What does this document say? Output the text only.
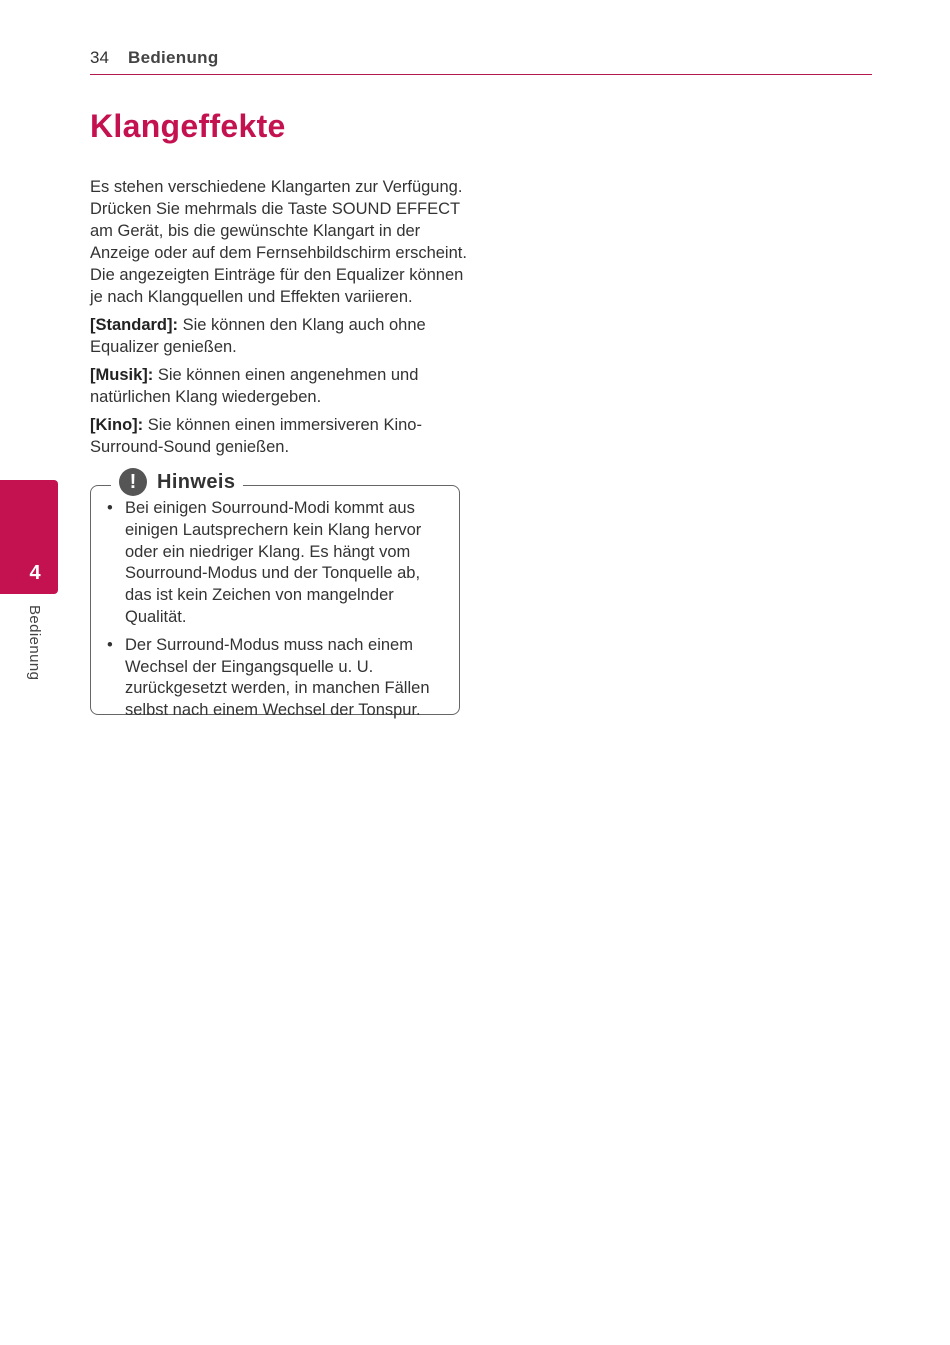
34 Bedienung
Klangeffekte

Es stehen verschiedene Klangarten zur Verfügung. Drücken Sie mehrmals die Taste SOUND EFFECT am Gerät, bis die gewünschte Klangart in der Anzeige oder auf dem Fernsehbildschirm erscheint. Die angezeigten Einträge für den Equalizer können je nach Klangquellen und Effekten variieren.

[Standard]: Sie können den Klang auch ohne Equalizer genießen.

[Musik]: Sie können einen angenehmen und natürlichen Klang wiedergeben.

[Kino]: Sie können einen immersiveren Kino-Surround-Sound genießen.

!	Hinweis
• Bei einigen Sourround-Modi kommt aus einigen Lautsprechern kein Klang hervor oder ein niedriger Klang. Es hängt vom Sourround-Modus und der Tonquelle ab, das ist kein Zeichen von mangelnder Qualität.
• Der Surround-Modus muss nach einem Wechsel der Eingangsquelle u. U. zurückgesetzt werden, in manchen Fällen selbst nach einem Wechsel der Tonspur.
4
Bedienung
